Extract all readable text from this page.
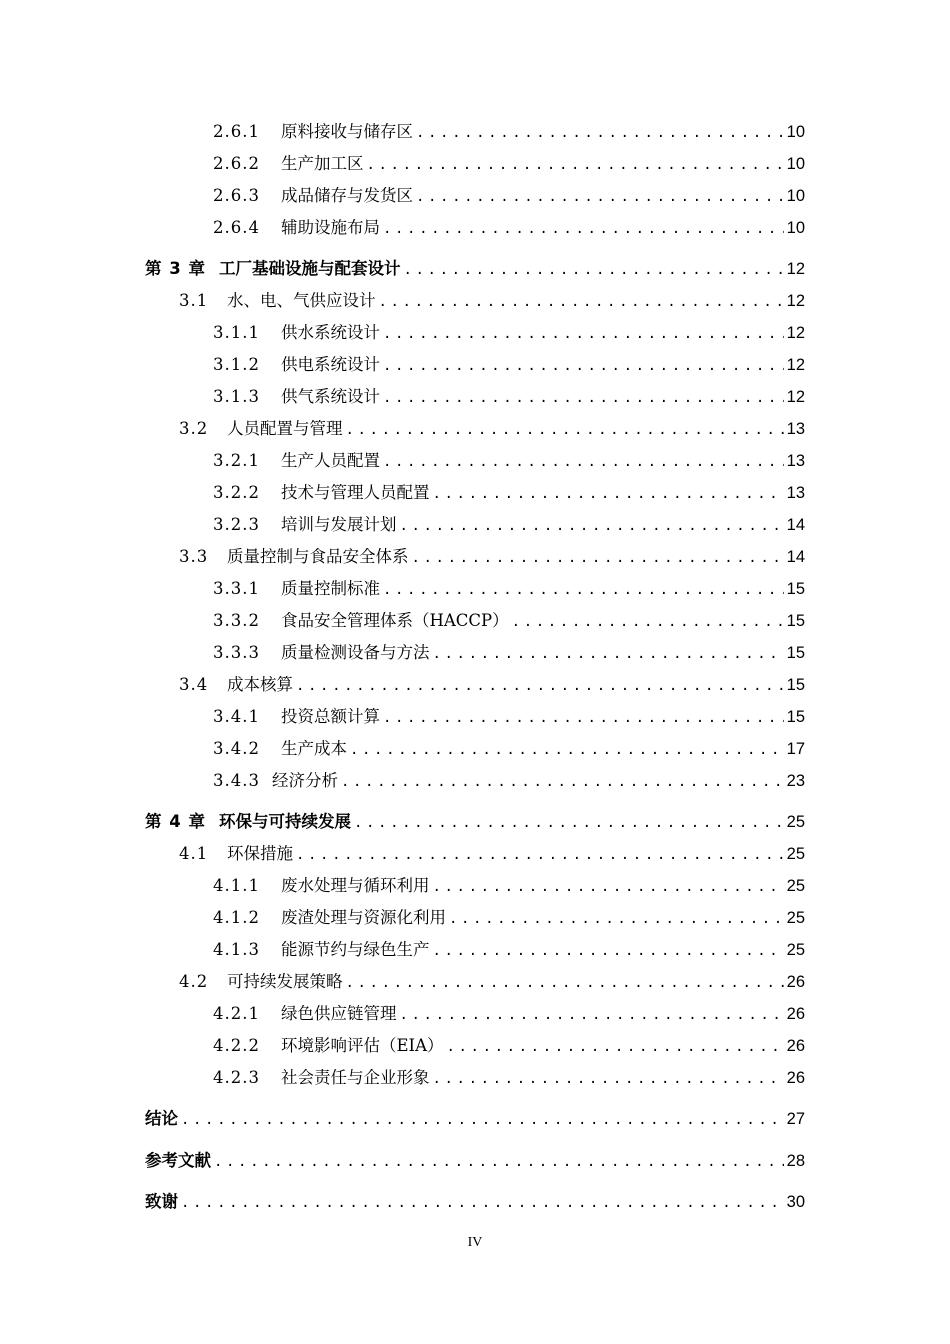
2.6.1	原料接收与储存区 .....	10
2.6.2	生产加工区 .....	10
2.6.3	成品储存与发货区 .....	10
2.6.4	辅助设施布局 .....	10
第 3 章 工厂基础设施与配套设计 .....	12
3.1	水、电、气供应设计 .....	12
3.1.1	供水系统设计 .....	12
3.1.2	供电系统设计 .....	12
3.1.3	供气系统设计 .....	12
3.2	人员配置与管理 .....	13
3.2.1	生产人员配置 .....	13
3.2.2	技术与管理人员配置 .....	13
3.2.3	培训与发展计划 .....	14
3.3	质量控制与食品安全体系 .....	14
3.3.1	质量控制标准 .....	15
3.3.2	食品安全管理体系（HACCP） .....	15
3.3.3	质量检测设备与方法 .....	15
3.4	成本核算 .....	15
3.4.1	投资总额计算 .....	15
3.4.2	生产成本 .....	17
3.4.3 经济分析 .....	23
第 4 章 环保与可持续发展 .....	25
4.1	环保措施 .....	25
4.1.1	废水处理与循环利用 .....	25
4.1.2	废渣处理与资源化利用 .....	25
4.1.3	能源节约与绿色生产 .....	25
4.2	可持续发展策略 .....	26
4.2.1	绿色供应链管理 .....	26
4.2.2	环境影响评估（EIA） .....	26
4.2.3	社会责任与企业形象 .....	26
结论 .....	27
参考文献 .....	28
致谢 .....	30
IV
